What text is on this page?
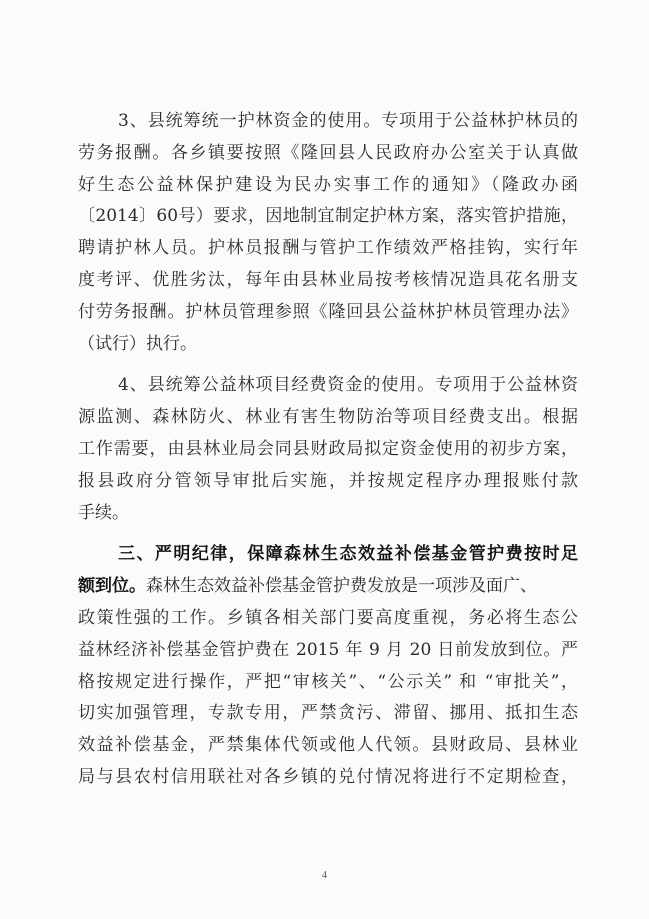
3、县统筹统一护林资金的使用。专项用于公益林护林员的
劳务报酬。各乡镇要按照《隆回县人民政府办公室关于认真做
好生态公益林保护建设为民办实事工作的通知》（隆政办函
〔2014〕60号）要求，因地制宜制定护林方案，落实管护措施，
聘请护林人员。护林员报酬与管护工作绩效严格挂钩，实行年
度考评、优胜劣汰，每年由县林业局按考核情况造具花名册支
付劳务报酬。护林员管理参照《隆回县公益林护林员管理办法》
（试行）执行。
4、县统筹公益林项目经费资金的使用。专项用于公益林资
源监测、森林防火、林业有害生物防治等项目经费支出。根据
工作需要，由县林业局会同县财政局拟定资金使用的初步方案，
报县政府分管领导审批后实施，并按规定程序办理报账付款
手续。
三、严明纪律，保障森林生态效益补偿基金管护费按时足
额到位。森林生态效益补偿基金管护费发放是一项涉及面广、
政策性强的工作。乡镇各相关部门要高度重视，务必将生态公
益林经济补偿基金管护费在 2015 年 9 月 20 日前发放到位。严
格按规定进行操作，严把“审核关”、“公示关” 和 “审批关”，
切实加强管理，专款专用，严禁贪污、滞留、挪用、抵扣生态
效益补偿基金，严禁集体代领或他人代领。县财政局、县林业
局与县农村信用联社对各乡镇的兑付情况将进行不定期检查，
4
